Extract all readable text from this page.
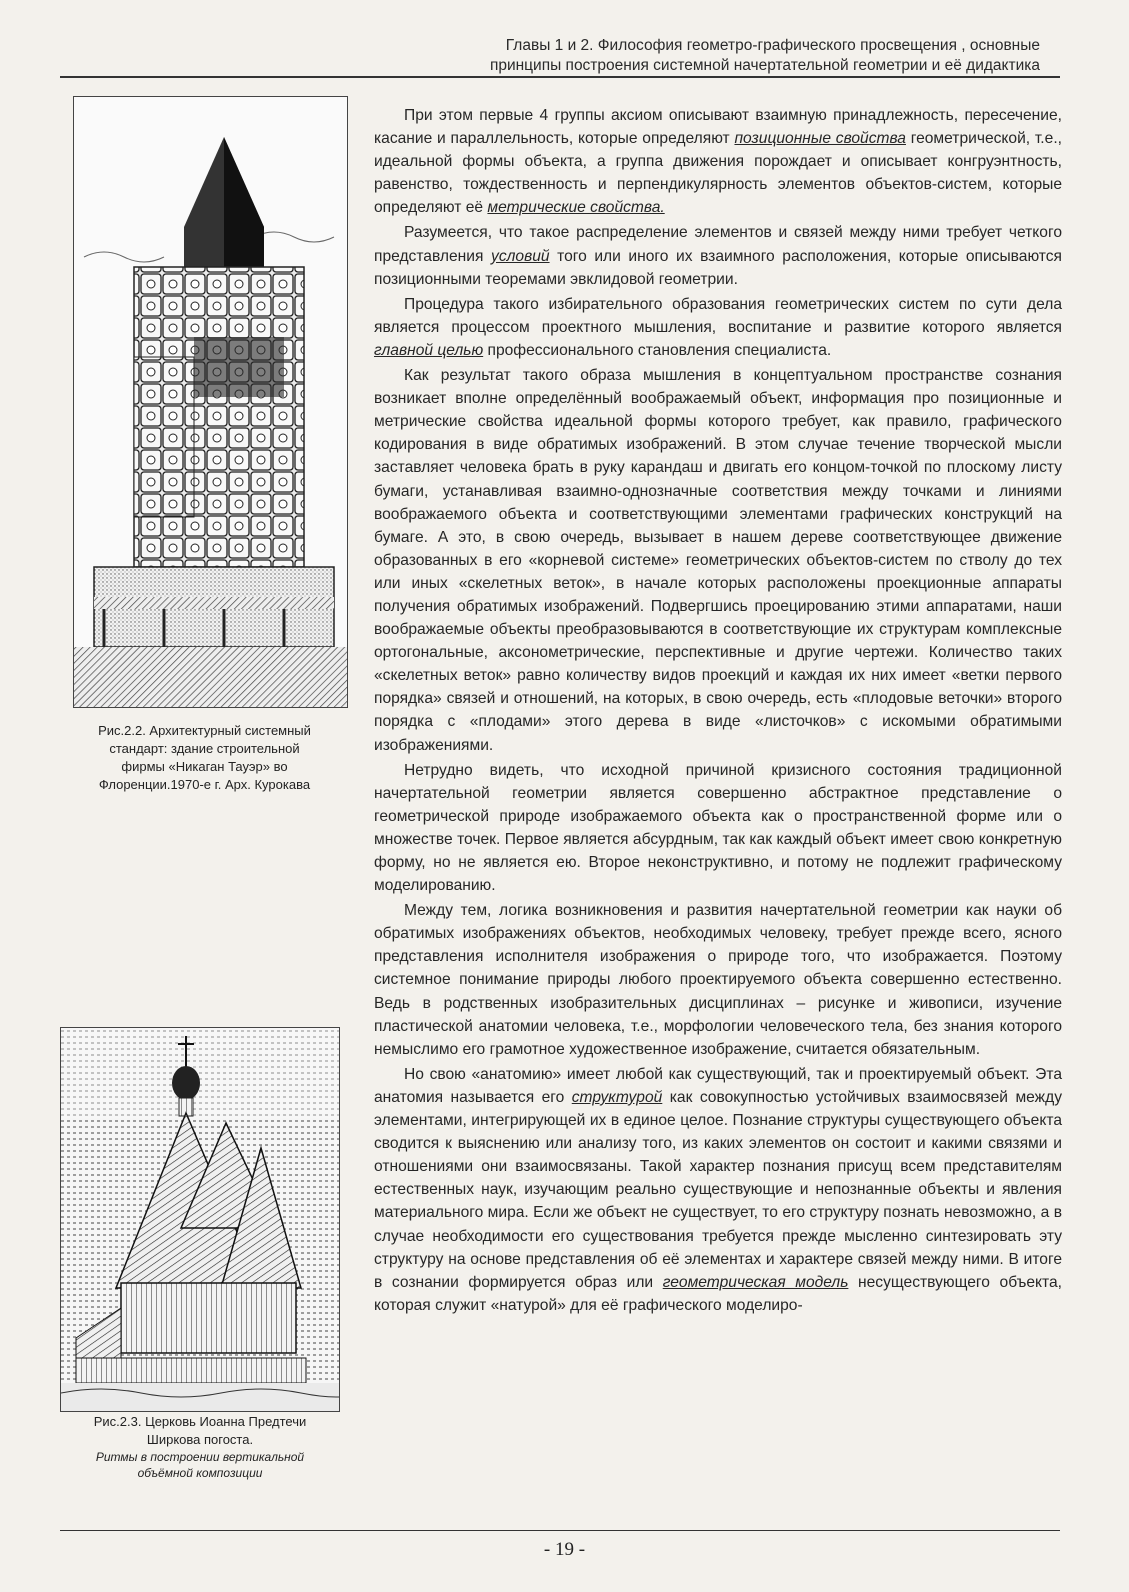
Главы 1 и 2. Философия геометро-графического просвещения , основные
принципы построения системной начертательной геометрии и её дидактика
Рис.2.2. Архитектурный системный
стандарт: здание строительной
фирмы «Никаган Тауэр» во
Флоренции.1970-е г. Арх. Курокава
Рис.2.3. Церковь Иоанна Предтечи
Ширкова погоста.
Ритмы в построении вертикальной
объёмной композиции

При этом первые 4 группы аксиом описывают взаимную принадлежность, пересечение, касание и параллельность, которые определяют позиционные свойства геометрической, т.е., идеальной формы объекта, а группа движения порождает и описывает конгруэнтность, равенство, тождественность и перпендикулярность элементов объектов-систем, которые определяют её метрические свойства.

Разумеется, что такое распределение элементов и связей между ними требует четкого представления условий того или иного их взаимного расположения, которые описываются позиционными теоремами эвклидовой геометрии.

Процедура такого избирательного образования геометрических систем по сути дела является процессом проектного мышления, воспитание и развитие которого является главной целью профессионального становления специалиста.

Как результат такого образа мышления в концептуальном пространстве сознания возникает вполне определённый воображаемый объект, информация про позиционные и метрические свойства идеальной формы которого требует, как правило, графического кодирования в виде обратимых изображений. В этом случае течение творческой мысли заставляет человека брать в руку карандаш и двигать его концом-точкой по плоскому листу бумаги, устанавливая взаимно-однозначные соответствия между точками и линиями воображаемого объекта и соответствующими элементами графических конструкций на бумаге. А это, в свою очередь, вызывает в нашем дереве соответствующее движение образованных в его «корневой системе» геометрических объектов-систем по стволу до тех или иных «скелетных веток», в начале которых расположены проекционные аппараты получения обратимых изображений. Подвергшись проецированию этими аппаратами, наши воображаемые объекты преобразовываются в соответствующие их структурам комплексные ортогональные, аксонометрические, перспективные и другие чертежи. Количество таких «скелетных веток» равно количеству видов проекций и каждая их них имеет «ветки первого порядка» связей и отношений, на которых, в свою очередь, есть «плодовые веточки» второго порядка с «плодами» этого дерева в виде «листочков» с искомыми обратимыми изображениями.

Нетрудно видеть, что исходной причиной кризисного состояния традиционной начертательной геометрии является совершенно абстрактное представление о геометрической природе изображаемого объекта как о пространственной форме или о множестве точек. Первое является абсурдным, так как каждый объект имеет свою конкретную форму, но не является ею. Второе неконструктивно, и потому не подлежит графическому моделированию.

Между тем, логика возникновения и развития начертательной геометрии как науки об обратимых изображениях объектов, необходимых человеку, требует прежде всего, ясного представления исполнителя изображения о природе того, что изображается. Поэтому системное понимание природы любого проектируемого объекта совершенно естественно. Ведь в родственных изобразительных дисциплинах – рисунке и живописи, изучение пластической анатомии человека, т.е., морфологии человеческого тела, без знания которого немыслимо его грамотное художественное изображение, считается обязательным.

Но свою «анатомию» имеет любой как существующий, так и проектируемый объект. Эта анатомия называется его структурой как совокупностью устойчивых взаимосвязей между элементами, интегрирующей их в единое целое. Познание структуры существующего объекта сводится к выяснению или анализу того, из каких элементов он состоит и какими связями и отношениями они взаимосвязаны. Такой характер познания присущ всем представителям естественных наук, изучающим реально существующие и непознанные объекты и явления материального мира. Если же объект не существует, то его структуру познать невозможно, а в случае необходимости его существования требуется прежде мысленно синтезировать эту структуру на основе представления об её элементах и характере связей между ними. В итоге в сознании формируется образ или геометрическая модель несуществующего объекта, которая служит «натурой» для её графического моделиро-

- 19 -
